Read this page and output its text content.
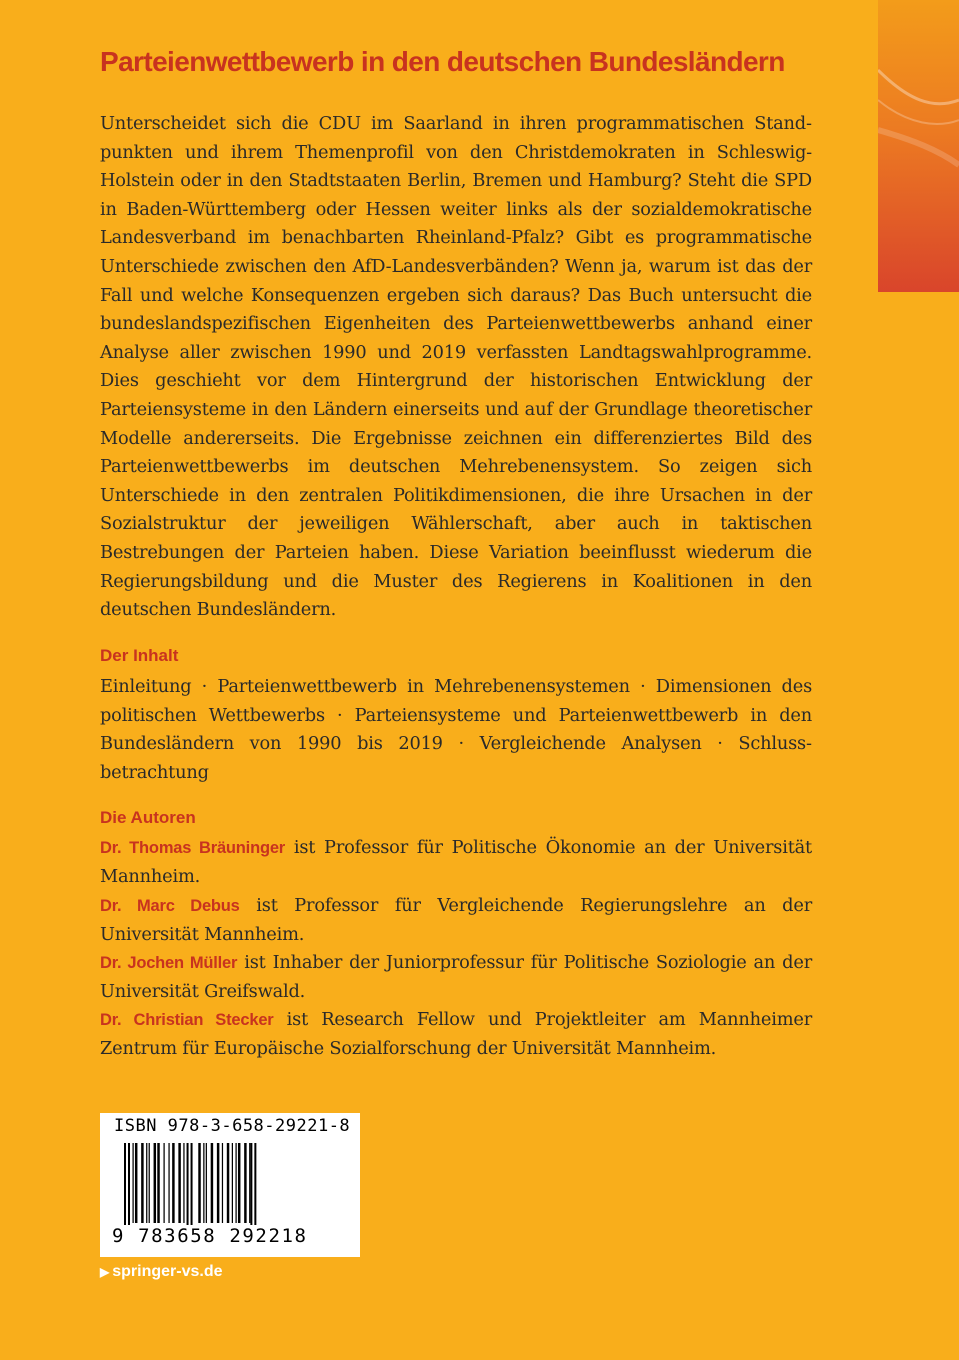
Parteienwettbewerb in den deutschen Bundesländern
Unterscheidet sich die CDU im Saarland in ihren programmatischen Standpunkten und ihrem Themenprofil von den Christdemokraten in Schleswig-Holstein oder in den Stadtstaaten Berlin, Bremen und Hamburg? Steht die SPD in Baden-Württemberg oder Hessen weiter links als der sozialdemokratische Landesverband im benachbarten Rheinland-Pfalz? Gibt es programmatische Unterschiede zwischen den AfD-Landesverbänden? Wenn ja, warum ist das der Fall und welche Konsequenzen ergeben sich daraus? Das Buch untersucht die bundeslandspezifischen Eigenheiten des Parteienwettbewerbs anhand einer Analyse aller zwischen 1990 und 2019 verfassten Landtagswahlprogramme. Dies geschieht vor dem Hintergrund der historischen Entwicklung der Parteiensysteme in den Ländern einerseits und auf der Grundlage theoretischer Modelle andererseits. Die Ergebnisse zeichnen ein differenziertes Bild des Parteienwettbewerbs im deutschen Mehrebenensystem. So zeigen sich Unterschiede in den zentralen Politikdimensionen, die ihre Ursachen in der Sozialstruktur der jeweiligen Wählerschaft, aber auch in taktischen Bestrebungen der Parteien haben. Diese Variation beeinflusst wiederum die Regierungsbildung und die Muster des Regierens in Koalitionen in den deutschen Bundesländern.
Der Inhalt
Einleitung · Parteienwettbewerb in Mehrebenensystemen · Dimensionen des politischen Wettbewerbs · Parteiensysteme und Parteienwettbewerb in den Bundesländern von 1990 bis 2019 · Vergleichende Analysen · Schlussbetrachtung
Die Autoren
Dr. Thomas Bräuninger ist Professor für Politische Ökonomie an der Universität Mannheim.
Dr. Marc Debus ist Professor für Vergleichende Regierungslehre an der Universität Mannheim.
Dr. Jochen Müller ist Inhaber der Juniorprofessur für Politische Soziologie an der Universität Greifswald.
Dr. Christian Stecker ist Research Fellow und Projektleiter am Mannheimer Zentrum für Europäische Sozialforschung der Universität Mannheim.
ISBN 978-3-658-29221-8
9 783658 292218
▶ springer-vs.de
